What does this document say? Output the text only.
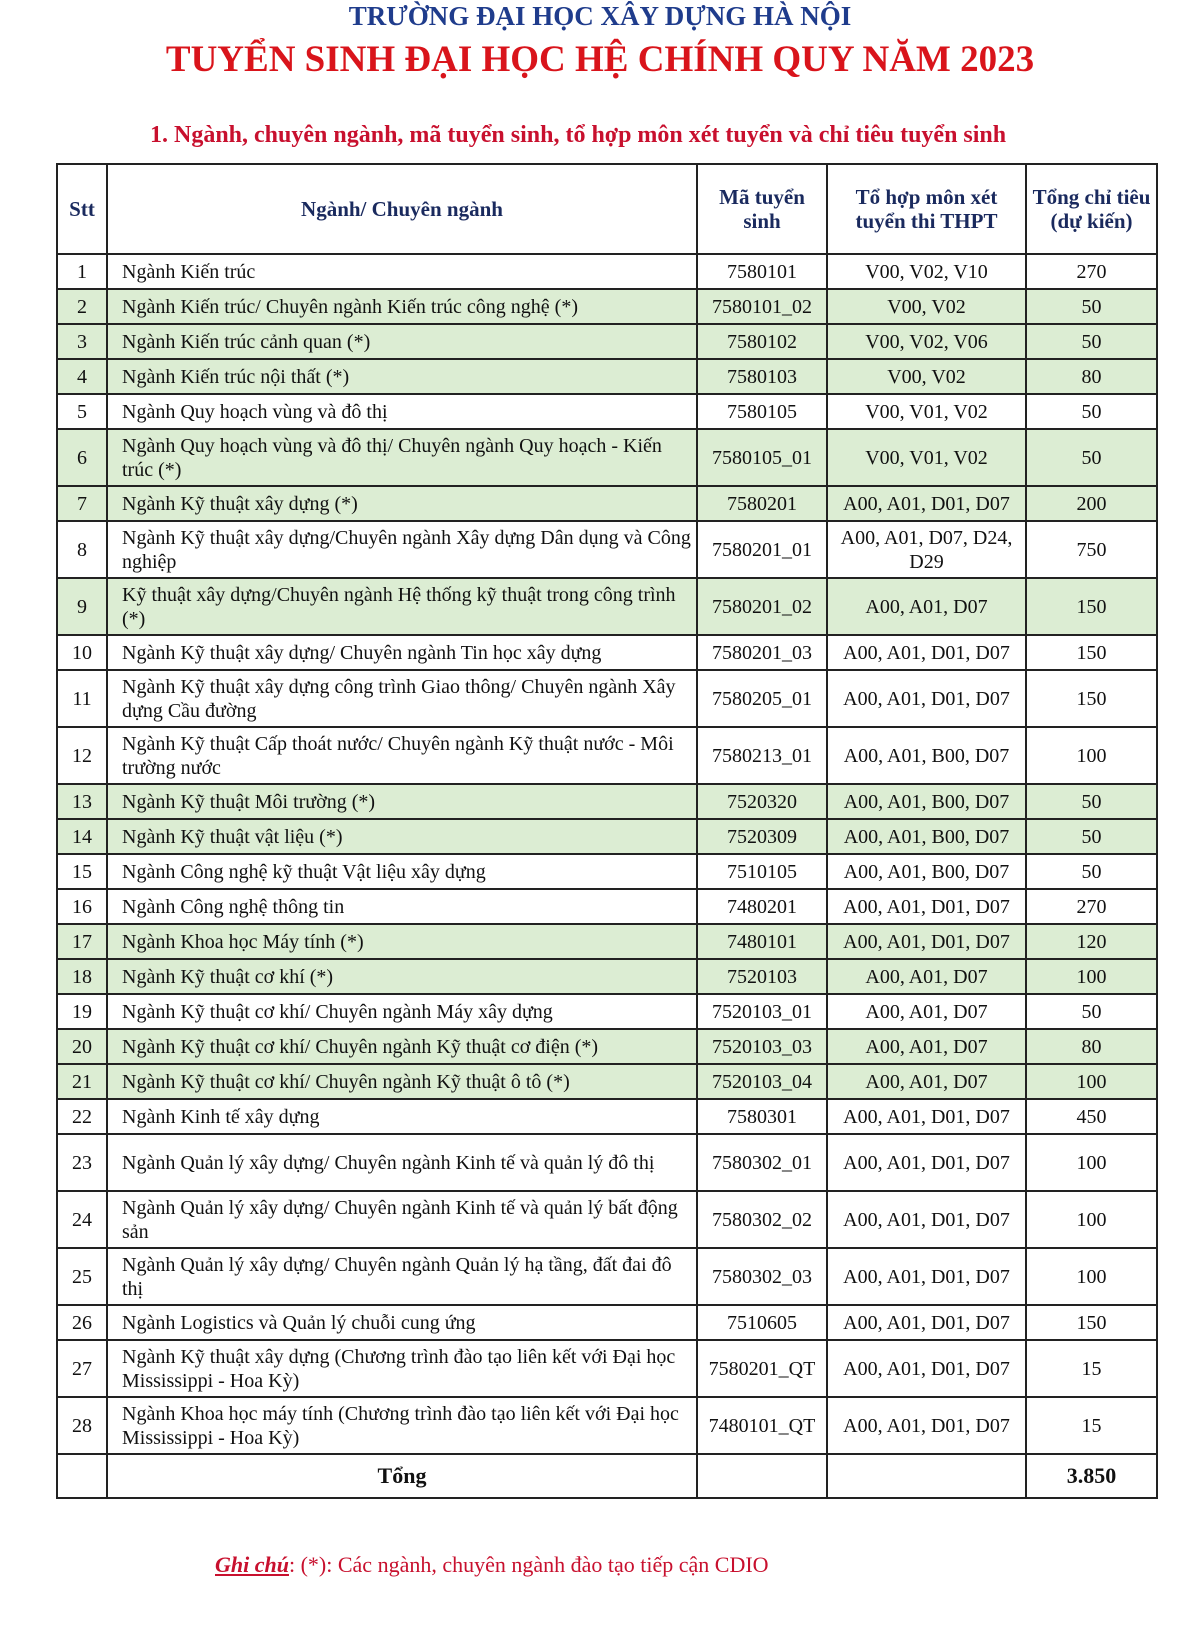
TRƯỜNG ĐẠI HỌC XÂY DỰNG HÀ NỘI
TUYỂN SINH ĐẠI HỌC HỆ CHÍNH QUY NĂM 2023
1. Ngành, chuyên ngành, mã tuyển sinh, tổ hợp môn xét tuyển và chỉ tiêu tuyển sinh
Stt	Ngành/ Chuyên ngành	Mã tuyển sinh	Tổ hợp môn xét tuyển thi THPT	Tổng chỉ tiêu (dự kiến)
1	Ngành Kiến trúc	7580101	V00, V02, V10	270
2	Ngành Kiến trúc/ Chuyên ngành Kiến trúc công nghệ (*)	7580101_02	V00, V02	50
3	Ngành Kiến trúc cảnh quan (*)	7580102	V00, V02, V06	50
4	Ngành Kiến trúc nội thất (*)	7580103	V00, V02	80
5	Ngành Quy hoạch vùng và đô thị	7580105	V00, V01, V02	50
6	Ngành Quy hoạch vùng và đô thị/ Chuyên ngành Quy hoạch - Kiến trúc (*)	7580105_01	V00, V01, V02	50
7	Ngành Kỹ thuật xây dựng (*)	7580201	A00, A01, D01, D07	200
8	Ngành Kỹ thuật xây dựng/Chuyên ngành Xây dựng Dân dụng và Công nghiệp	7580201_01	A00, A01, D07, D24, D29	750
9	Kỹ thuật xây dựng/Chuyên ngành Hệ thống kỹ thuật trong công trình (*)	7580201_02	A00, A01, D07	150
10	Ngành Kỹ thuật xây dựng/ Chuyên ngành Tin học xây dựng	7580201_03	A00, A01, D01, D07	150
11	Ngành Kỹ thuật xây dựng công trình Giao thông/ Chuyên ngành Xây dựng Cầu đường	7580205_01	A00, A01, D01, D07	150
12	Ngành Kỹ thuật Cấp thoát nước/ Chuyên ngành Kỹ thuật nước - Môi trường nước	7580213_01	A00, A01, B00, D07	100
13	Ngành Kỹ thuật Môi trường (*)	7520320	A00, A01, B00, D07	50
14	Ngành Kỹ thuật vật liệu (*)	7520309	A00, A01, B00, D07	50
15	Ngành Công nghệ kỹ thuật Vật liệu xây dựng	7510105	A00, A01, B00, D07	50
16	Ngành Công nghệ thông tin	7480201	A00, A01, D01, D07	270
17	Ngành Khoa học Máy tính (*)	7480101	A00, A01, D01, D07	120
18	Ngành Kỹ thuật cơ khí (*)	7520103	A00, A01, D07	100
19	Ngành Kỹ thuật cơ khí/ Chuyên ngành Máy xây dựng	7520103_01	A00, A01, D07	50
20	Ngành Kỹ thuật cơ khí/ Chuyên ngành Kỹ thuật cơ điện (*)	7520103_03	A00, A01, D07	80
21	Ngành Kỹ thuật cơ khí/ Chuyên ngành Kỹ thuật ô tô (*)	7520103_04	A00, A01, D07	100
22	Ngành Kinh tế xây dựng	7580301	A00, A01, D01, D07	450
23	Ngành Quản lý xây dựng/ Chuyên ngành Kinh tế và quản lý đô thị	7580302_01	A00, A01, D01, D07	100
24	Ngành Quản lý xây dựng/ Chuyên ngành Kinh tế và quản lý bất động sản	7580302_02	A00, A01, D01, D07	100
25	Ngành Quản lý xây dựng/ Chuyên ngành Quản lý hạ tầng, đất đai đô thị	7580302_03	A00, A01, D01, D07	100
26	Ngành Logistics và Quản lý chuỗi cung ứng	7510605	A00, A01, D01, D07	150
27	Ngành Kỹ thuật xây dựng (Chương trình đào tạo liên kết với Đại học Mississippi - Hoa Kỳ)	7580201_QT	A00, A01, D01, D07	15
28	Ngành Khoa học máy tính (Chương trình đào tạo liên kết với Đại học Mississippi - Hoa Kỳ)	7480101_QT	A00, A01, D01, D07	15
	Tổng			3.850
Ghi chú: (*): Các ngành, chuyên ngành đào tạo tiếp cận CDIO
